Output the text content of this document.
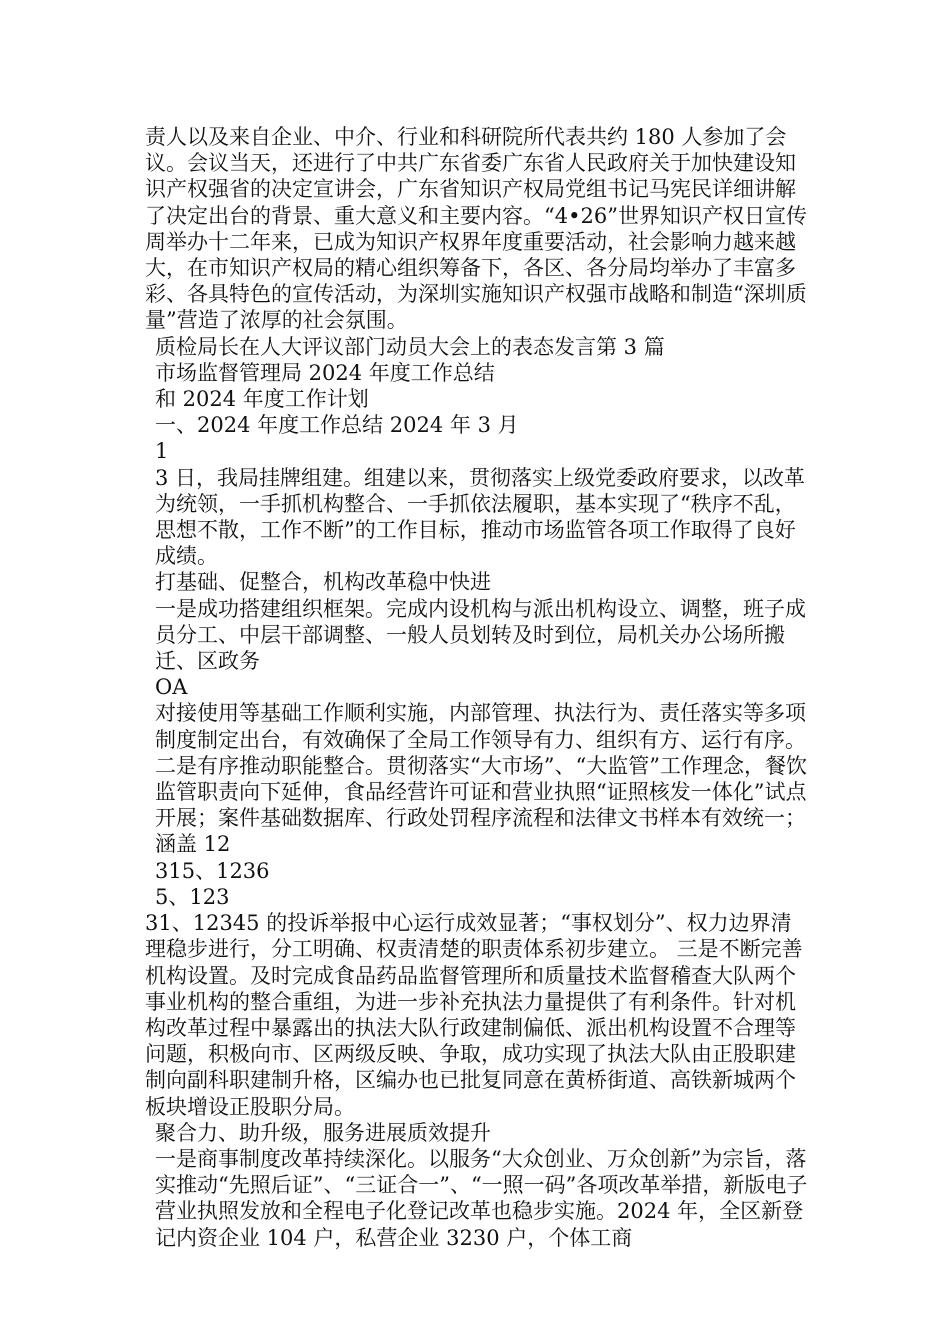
责人以及来自企业、中介、行业和科研院所代表共约 180 人参加了会议。会议当天，还进行了中共广东省委广东省人民政府关于加快建设知识产权强省的决定宣讲会，广东省知识产权局党组书记马宪民详细讲解了决定出台的背景、重大意义和主要内容。“4•26”世界知识产权日宣传周举办十二年来，已成为知识产权界年度重要活动，社会影响力越来越大，在市知识产权局的精心组织筹备下，各区、各分局均举办了丰富多彩、各具特色的宣传活动，为深圳实施知识产权强市战略和制造“深圳质量”营造了浓厚的社会氛围。

质检局长在人大评议部门动员大会上的表态发言第 3 篇

市场监督管理局 2024 年度工作总结

和 2024 年度工作计划

一、2024 年度工作总结 2024 年 3 月

1

3 日，我局挂牌组建。组建以来，贯彻落实上级党委政府要求，以改革为统领，一手抓机构整合、一手抓依法履职，基本实现了“秩序不乱，思想不散，工作不断”的工作目标，推动市场监管各项工作取得了良好成绩。

打基础、促整合，机构改革稳中快进

一是成功搭建组织框架。完成内设机构与派出机构设立、调整，班子成员分工、中层干部调整、一般人员划转及时到位，局机关办公场所搬迁、区政务

OA

对接使用等基础工作顺利实施，内部管理、执法行为、责任落实等多项制度制定出台，有效确保了全局工作领导有力、组织有方、运行有序。

二是有序推动职能整合。贯彻落实“大市场”、“大监管”工作理念，餐饮监管职责向下延伸，食品经营许可证和营业执照“证照核发一体化”试点开展；案件基础数据库、行政处罚程序流程和法律文书样本有效统一；涵盖 12

315、1236

5、123

31、12345 的投诉举报中心运行成效显著；“事权划分”、权力边界清理稳步进行，分工明确、权责清楚的职责体系初步建立。 三是不断完善机构设置。及时完成食品药品监督管理所和质量技术监督稽查大队两个事业机构的整合重组，为进一步补充执法力量提供了有利条件。针对机构改革过程中暴露出的执法大队行政建制偏低、派出机构设置不合理等问题，积极向市、区两级反映、争取，成功实现了执法大队由正股职建制向副科职建制升格，区编办也已批复同意在黄桥街道、高铁新城两个板块增设正股职分局。

聚合力、助升级，服务进展质效提升

一是商事制度改革持续深化。以服务“大众创业、万众创新”为宗旨，落实推动“先照后证”、“三证合一”、“一照一码”各项改革举措，新版电子营业执照发放和全程电子化登记改革也稳步实施。2024 年，全区新登记内资企业 104 户，私营企业 3230 户，个体工商
